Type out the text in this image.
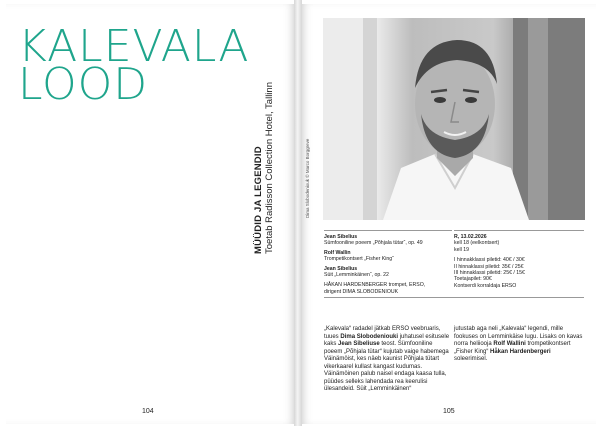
KALEVALA
LOOD
MÜÜDID JA LEGENDID Toetab Radisson Collection Hotel, Tallinn
104
Dima Slobodeniouk © Marco Borggreve

Jean Sibelius
Sümfooniline poeem „Põhjala tütar“, op. 49

Rolf Wallin
Trompetikontsert „Fisher King“

Jean Sibelius
Süit „Lemminkäinen“, op. 22

HÅKAN HARDENBERGER trompet, ERSO,
dirigent DIMA SLOBODENIOUK

R, 13.02.2026

kell 18 (eelkontsert)

kell 19

I hinnakklassi piletid: 40€ / 30€

II hinnaklassi piletid: 35€ / 25€

III hinnaklassi piletid: 25€ / 15€

Toetajapilet: 90€

Kontserdi korraldaja ERSO

„Kalevala“ radadel jätkab ERSO veebruaris, tuues Dima Slobodeniouki juhatusel esitusele kaks Jean Sibeliuse teost. Sümfooniline poeem „Põhjala tütar“ kujutab vaige habemega Väinämöist, kes näeb kaunist Põhjala tütart vikerkaarel kullast kangast kudumas. Väinämöinen palub naisel endaga kaasa tulla, püüdes selleks lahendada rea keerulisi ülesandeid. Süit „Lemminkäinen“

jutustab aga neli „Kalevala“ legendi, mille fookuses on Lemminkäise lugu. Lisaks on kavas norra heliiooja Rolf Wallini trompetikontsert „Fisher King“ Håkan Hardenbergeri soleerimisel.

105
